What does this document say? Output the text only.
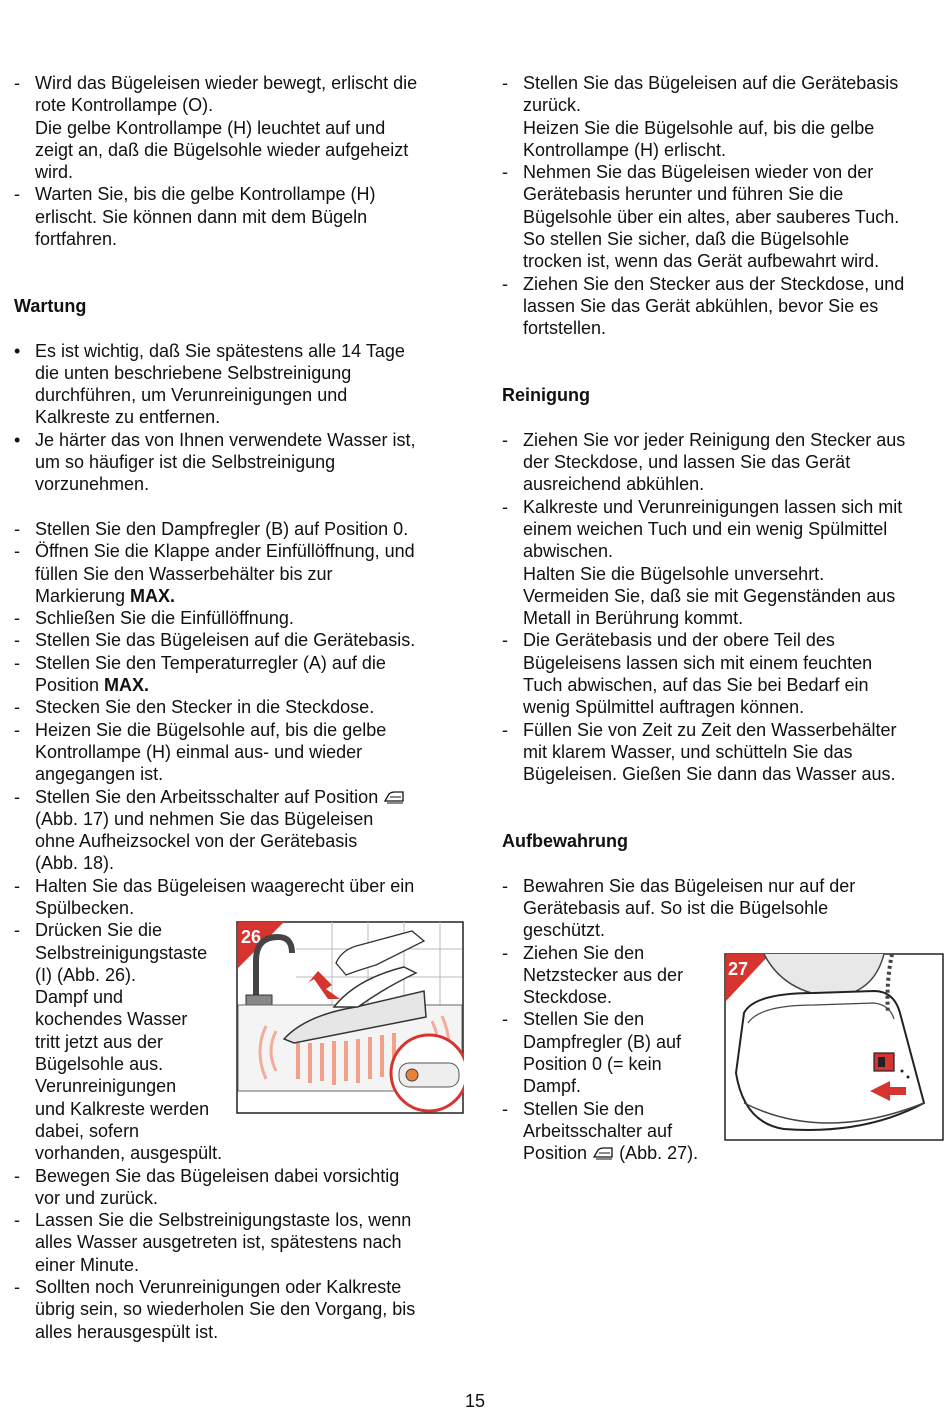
- Wird das Bügeleisen wieder bewegt, erlischt die
rote Kontrollampe (O).
Die gelbe Kontrollampe (H) leuchtet auf und
zeigt an, daß die Bügelsohle wieder aufgeheizt
wird.
- Warten Sie, bis die gelbe Kontrollampe (H)
erlischt. Sie können dann mit dem Bügeln
fortfahren.
Wartung
• Es ist wichtig, daß Sie spätestens alle 14 Tage
die unten beschriebene Selbstreinigung
durchführen, um Verunreinigungen und
Kalkreste zu entfernen.
• Je härter das von Ihnen verwendete Wasser ist,
um so häufiger ist die Selbstreinigung
vorzunehmen.
- Stellen Sie den Dampfregler (B) auf Position 0.
- Öffnen Sie die Klappe ander Einfüllöffnung, und
füllen Sie den Wasserbehälter bis zur
Markierung MAX.
- Schließen Sie die Einfüllöffnung.
- Stellen Sie das Bügeleisen auf die Gerätebasis.
- Stellen Sie den Temperaturregler (A) auf die
Position MAX.
- Stecken Sie den Stecker in die Steckdose.
- Heizen Sie die Bügelsohle auf, bis die gelbe
Kontrollampe (H) einmal aus- und wieder
angegangen ist.
- Stellen Sie den Arbeitsschalter auf Position
(Abb. 17) und nehmen Sie das Bügeleisen
ohne Aufheizsockel von der Gerätebasis
(Abb. 18).
- Halten Sie das Bügeleisen waagerecht über ein
Spülbecken.
- Drücken Sie die
Selbstreinigungstaste
(I) (Abb. 26).
Dampf und
kochendes Wasser
tritt jetzt aus der
Bügelsohle aus.
Verunreinigungen
und Kalkreste werden
dabei, sofern
vorhanden, ausgespült.
- Bewegen Sie das Bügeleisen dabei vorsichtig
vor und zurück.
- Lassen Sie die Selbstreinigungstaste los, wenn
alles Wasser ausgetreten ist, spätestens nach
einer Minute.
- Sollten noch Verunreinigungen oder Kalkreste
übrig sein, so wiederholen Sie den Vorgang, bis
alles herausgespült ist.
26
- Stellen Sie das Bügeleisen auf die Gerätebasis
zurück.
Heizen Sie die Bügelsohle auf, bis die gelbe
Kontrollampe (H) erlischt.
- Nehmen Sie das Bügeleisen wieder von der
Gerätebasis herunter und führen Sie die
Bügelsohle über ein altes, aber sauberes Tuch.
So stellen Sie sicher, daß die Bügelsohle
trocken ist, wenn das Gerät aufbewahrt wird.
- Ziehen Sie den Stecker aus der Steckdose, und
lassen Sie das Gerät abkühlen, bevor Sie es
fortstellen.
Reinigung
- Ziehen Sie vor jeder Reinigung den Stecker aus
der Steckdose, und lassen Sie das Gerät
ausreichend abkühlen.
- Kalkreste und Verunreinigungen lassen sich mit
einem weichen Tuch und ein wenig Spülmittel
abwischen.
Halten Sie die Bügelsohle unversehrt.
Vermeiden Sie, daß sie mit Gegenständen aus
Metall in Berührung kommt.
- Die Gerätebasis und der obere Teil des
Bügeleisens lassen sich mit einem feuchten
Tuch abwischen, auf das Sie bei Bedarf ein
wenig Spülmittel auftragen können.
- Füllen Sie von Zeit zu Zeit den Wasserbehälter
mit klarem Wasser, und schütteln Sie das
Bügeleisen. Gießen Sie dann das Wasser aus.
Aufbewahrung
- Bewahren Sie das Bügeleisen nur auf der
Gerätebasis auf. So ist die Bügelsohle
geschützt.
- Ziehen Sie den
Netzstecker aus der
Steckdose.
- Stellen Sie den
Dampfregler (B) auf
Position 0 (= kein
Dampf.
- Stellen Sie den
Arbeitsschalter auf
Position (Abb. 27).
27
15
